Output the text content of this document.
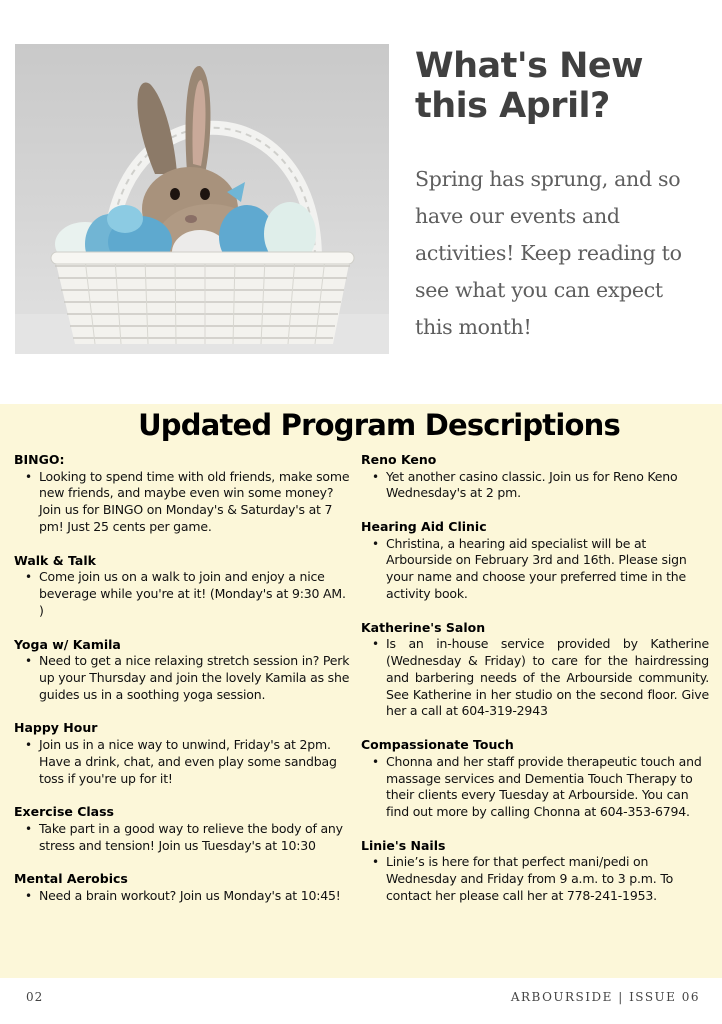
What's New this April?
Spring has sprung, and so have our events and activities! Keep reading to see what you can expect this month!
Updated Program Descriptions
BINGO:
• Looking to spend time with old friends, make some new friends, and maybe even win some money? Join us for BINGO on Monday's & Saturday's at 7 pm! Just 25 cents per game.
Walk & Talk
• Come join us on a walk to join and enjoy a nice beverage while you're at it! (Monday's at 9:30 AM. )
Yoga w/ Kamila
• Need to get a nice relaxing stretch session in? Perk up your Thursday and join the lovely Kamila as she guides us in a soothing yoga session.
Happy Hour
• Join us in a nice way to unwind, Friday's at 2pm. Have a drink, chat, and even play some sandbag toss if you're up for it!
Exercise Class
• Take part in a good way to relieve the body of any stress and tension! Join us Tuesday's at 10:30
Mental Aerobics
• Need a brain workout? Join us Monday's at 10:45!
Reno Keno
• Yet another casino classic. Join us for Reno Keno Wednesday's at 2 pm.
Hearing Aid Clinic
• Christina, a hearing aid specialist will be at Arbourside on February 3rd and 16th. Please sign your name and choose your preferred time in the activity book.
Katherine's Salon
• Is an in-house service provided by Katherine (Wednesday & Friday) to care for the hairdressing and barbering needs of the Arbourside community. See Katherine in her studio on the second floor. Give her a call at 604-319-2943
Compassionate Touch
• Chonna and her staff provide therapeutic touch and massage services and Dementia Touch Therapy to their clients every Tuesday at Arbourside. You can find out more by calling Chonna at 604-353-6794.
Linie's Nails
• Linie’s is here for that perfect mani/pedi on Wednesday and Friday from 9 a.m. to 3 p.m. To contact her please call her at 778-241-1953.
02	ARBOURSIDE | ISSUE 06
